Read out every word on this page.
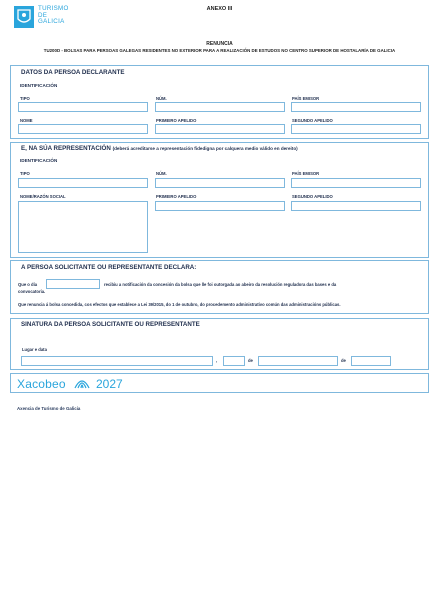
TURISMO
DE
GALICIA
ANEXO III
RENUNCIA
TU200D - BOLSAS PARA PERSOAS GALEGAS RESIDENTES NO EXTERIOR PARA A REALIZACIÓN DE ESTUDOS NO CENTRO SUPERIOR DE HOSTALARÍA DE GALICIA
DATOS DA PERSOA DECLARANTE
IDENTIFICACIÓN
TIPO	NÚM.	PAÍS EMISOR
NOME	PRIMEIRO APELIDO	SEGUNDO APELIDO
E, NA SÚA REPRESENTACIÓN (deberá acreditarse a representación fidedigna por calquera medio válido en dereito)
IDENTIFICACIÓN
TIPO	NÚM.	PAÍS EMISOR
NOME/RAZÓN SOCIAL	PRIMEIRO APELIDO	SEGUNDO APELIDO
A PERSOA SOLICITANTE OU REPRESENTANTE DECLARA:
Que o día	recibiu a notificación da concesión da bolsa que lle foi outorgada ao abeiro da resolución reguladora das bases e da
convocatoria.
Que renuncia á bolsa concedida, cos efectos que establece a Lei 39/2015, do 1 de outubro, do procedemento administrativo común das administracións públicas.
SINATURA DA PERSOA SOLICITANTE OU REPRESENTANTE
Lugar e data
,	de	de
Xacobeo	2027
Axencia de Turismo de Galicia
